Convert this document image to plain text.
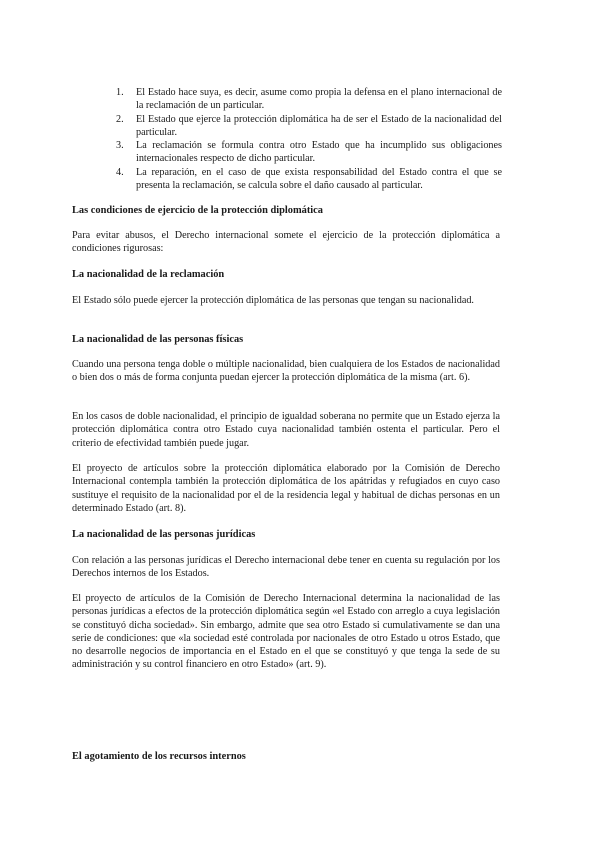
1. El Estado hace suya, es decir, asume como propia la defensa en el plano internacional de la reclamación de un particular.
2. El Estado que ejerce la protección diplomática ha de ser el Estado de la nacionalidad del particular.
3. La reclamación se formula contra otro Estado que ha incumplido sus obligaciones internacionales respecto de dicho particular.
4. La reparación, en el caso de que exista responsabilidad del Estado contra el que se presenta la reclamación, se calcula sobre el daño causado al particular.

Las condiciones de ejercicio de la protección diplomática

Para evitar abusos, el Derecho internacional somete el ejercicio de la protección diplomática a condiciones rigurosas:

La nacionalidad de la reclamación

El Estado sólo puede ejercer la protección diplomática de las personas que tengan su nacionalidad.

La nacionalidad de las personas físicas

Cuando una persona tenga doble o múltiple nacionalidad, bien cualquiera de los Estados de nacionalidad o bien dos o más de forma conjunta puedan ejercer la protección diplomática de la misma (art. 6).

En los casos de doble nacionalidad, el principio de igualdad soberana no permite que un Estado ejerza la protección diplomática contra otro Estado cuya nacionalidad también ostenta el particular. Pero el criterio de efectividad también puede jugar.

El proyecto de artículos sobre la protección diplomática elaborado por la Comisión de Derecho Internacional contempla también la protección diplomática de los apátridas y refugiados en cuyo caso sustituye el requisito de la nacionalidad por el de la residencia legal y habitual de dichas personas en un determinado Estado (art. 8).

La nacionalidad de las personas jurídicas

Con relación a las personas jurídicas el Derecho internacional debe tener en cuenta su regulación por los Derechos internos de los Estados.

El proyecto de artículos de la Comisión de Derecho Internacional determina la nacionalidad de las personas jurídicas a efectos de la protección diplomática según «el Estado con arreglo a cuya legislación se constituyó dicha sociedad». Sin embargo, admite que sea otro Estado si cumulativamente se dan una serie de condiciones: que «la sociedad esté controlada por nacionales de otro Estado u otros Estado, que no desarrolle negocios de importancia en el Estado en el que se constituyó y que tenga la sede de su administración y su control financiero en otro Estado» (art. 9).

El agotamiento de los recursos internos
